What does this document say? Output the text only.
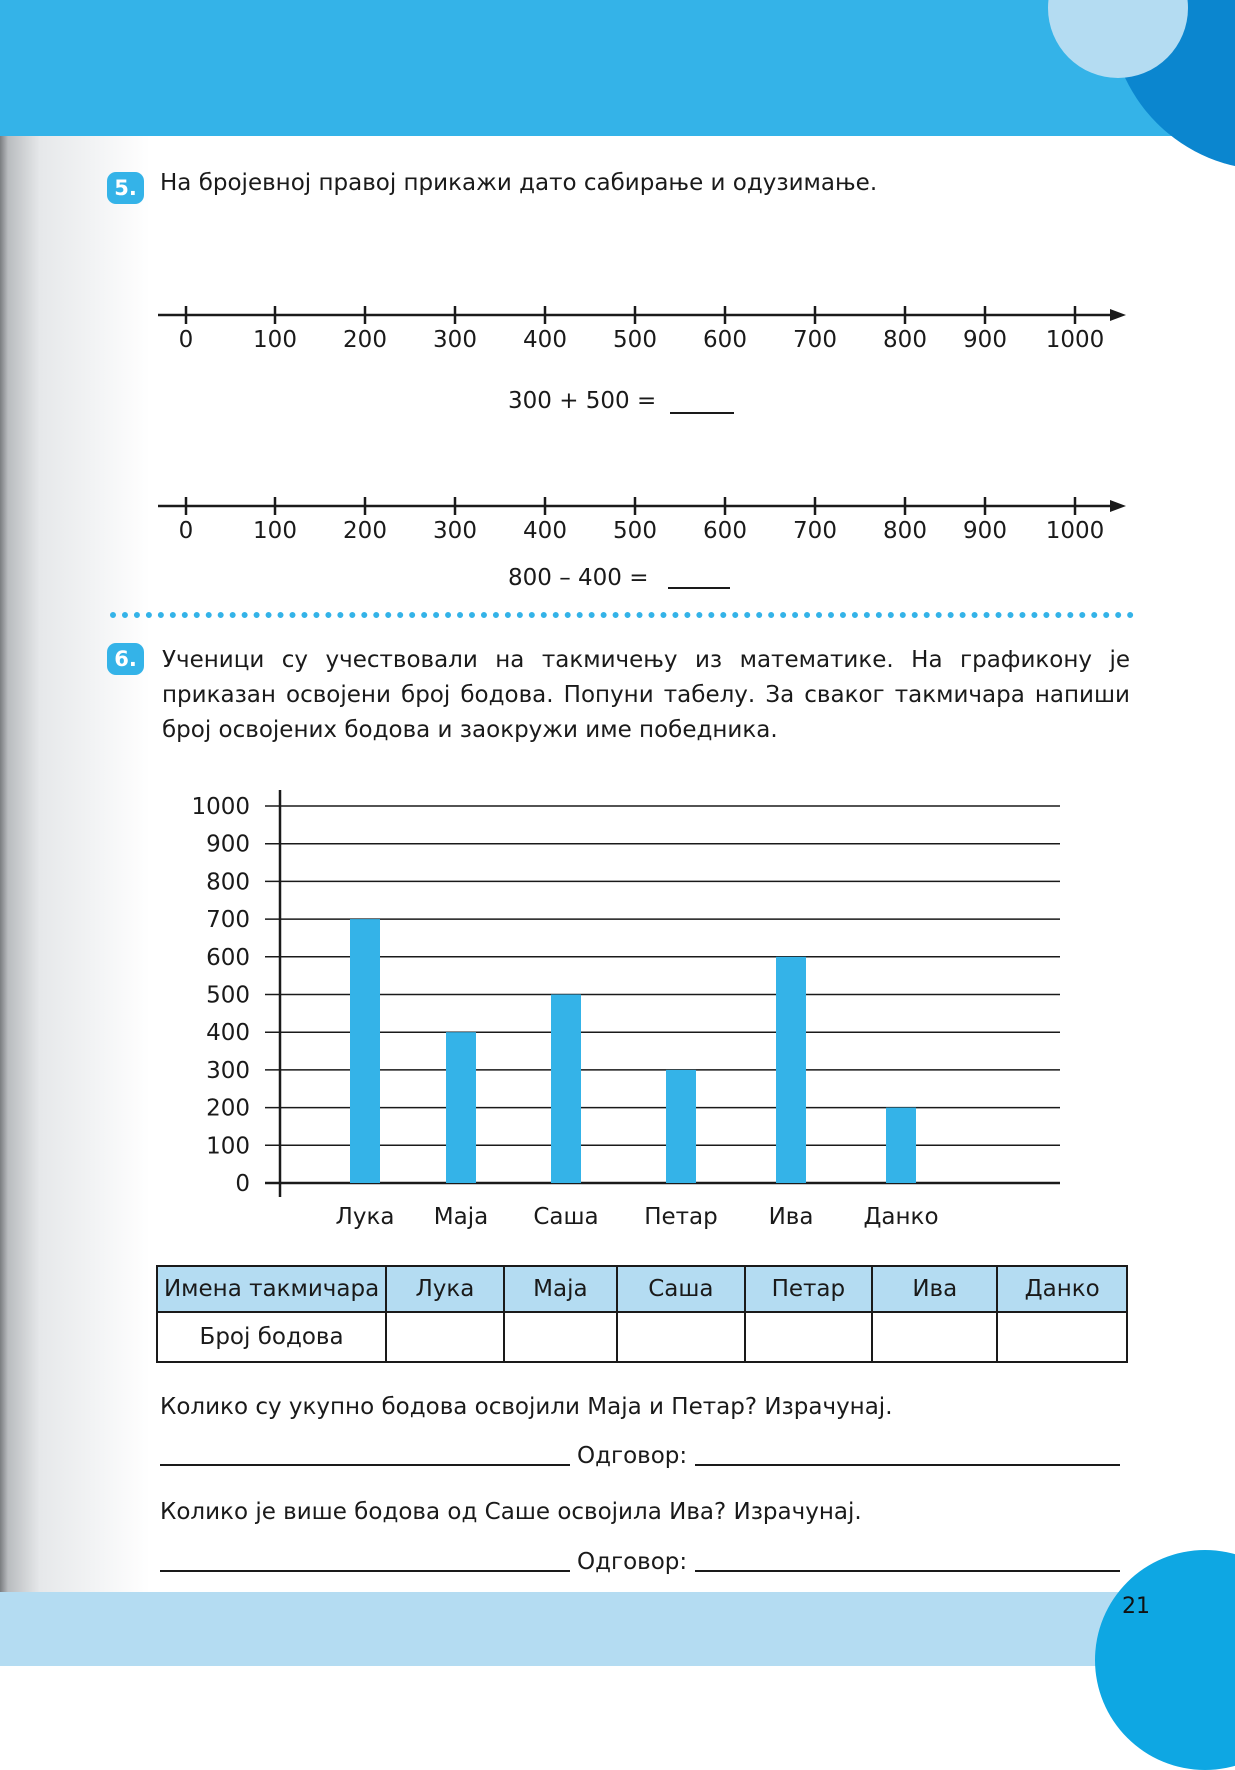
21
5.	На бројевној правој прикажи дато сабирање и одузимање.
0	100	200	300	400	500	600	700	800	900	1000
300 + 500 =
0	100	200	300	400	500	600	700	800	900	1000
800 – 400 =
6.	Ученици су учествовали на такмичењу из математике. На графикону је приказан освојени број бодова. Попуни табелу. За сваког такмичара напиши број освојених бодова и заокружи име победника.
0
100
200
300
400
500
600
700
800
900
1000
Лука Маја Саша Петар Ива Данко
Имена такмичара	Лука	Маја	Саша	Петар	Ива	Данко
Број бодова						
Колико су укупно бодова освојили Маја и Петар? Израчунај.
Одговор:
Колико је више бодова од Саше освојила Ива? Израчунај.
Одговор:
